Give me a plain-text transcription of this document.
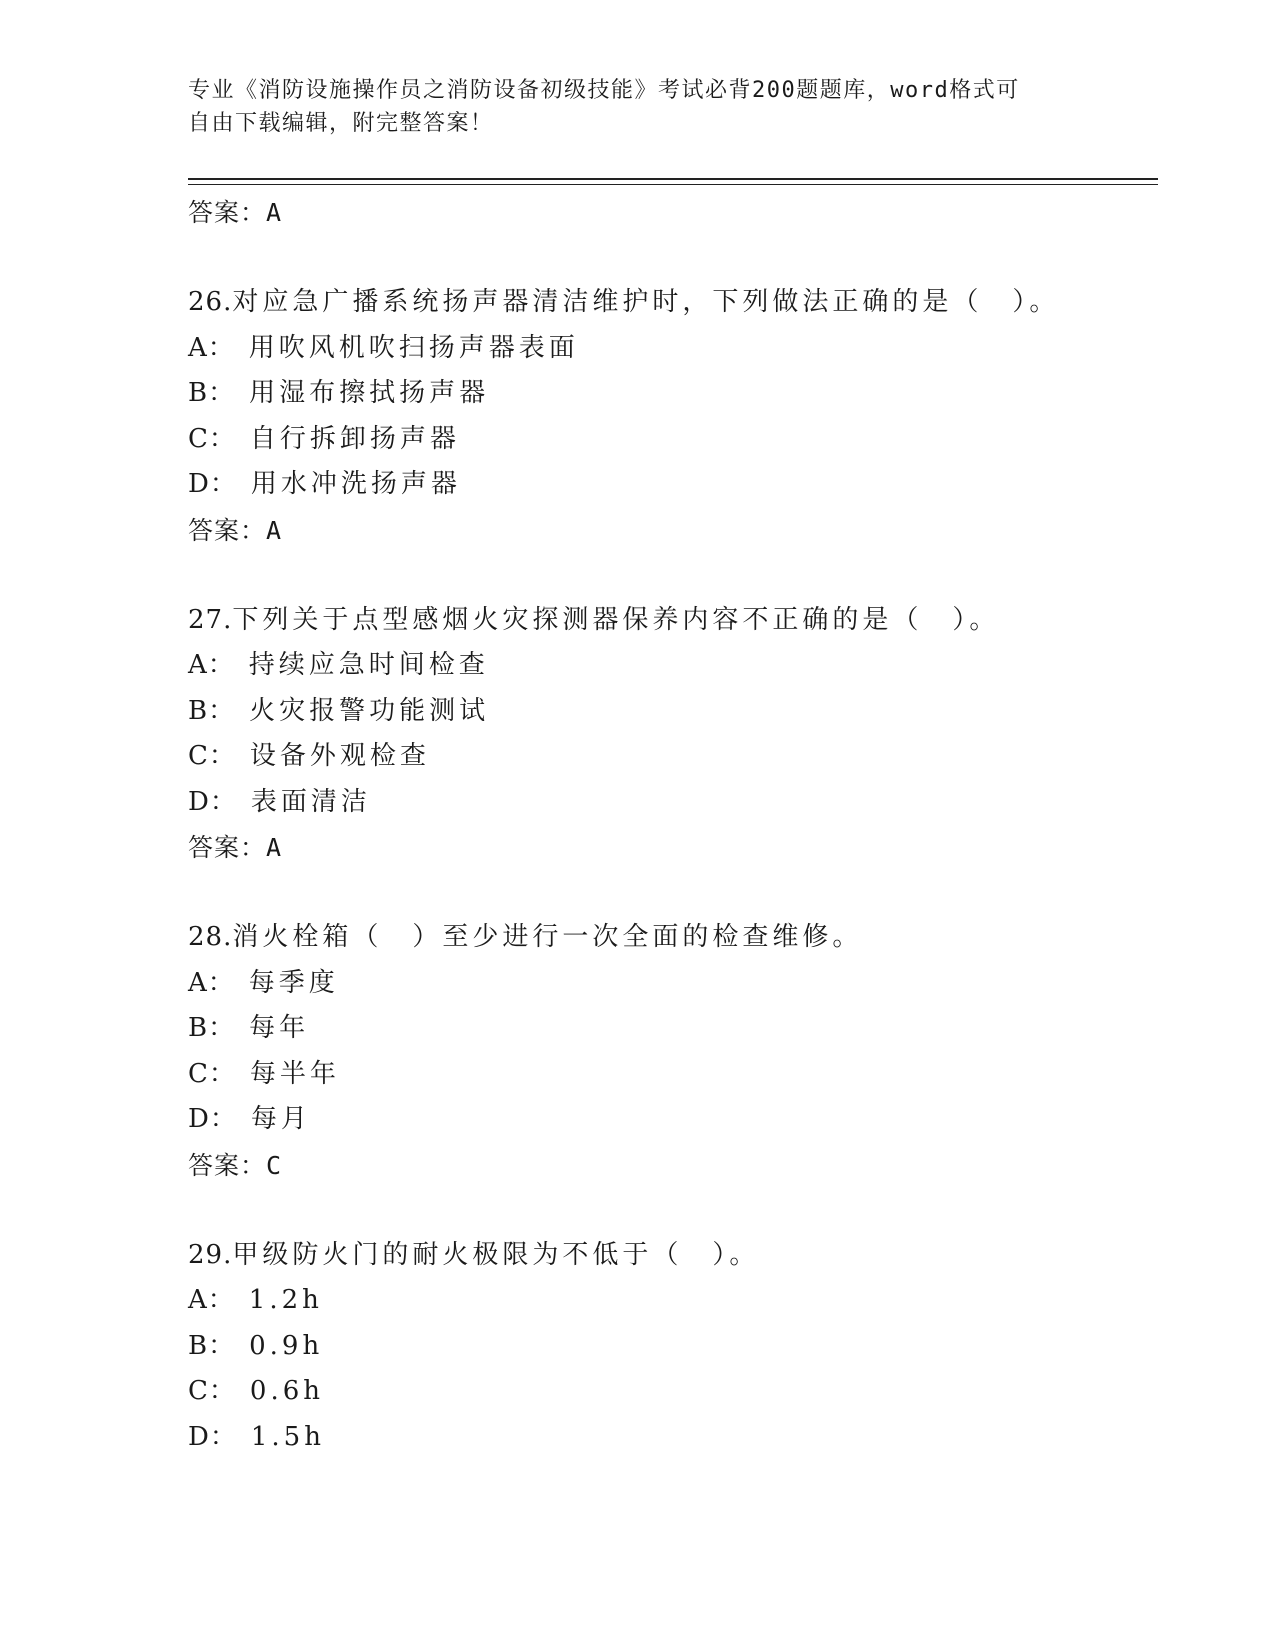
专业《消防设施操作员之消防设备初级技能》考试必背200题题库，word格式可
自由下载编辑，附完整答案！
答案：A
26.对应急广播系统扬声器清洁维护时，下列做法正确的是（　）。
A： 用吹风机吹扫扬声器表面
B： 用湿布擦拭扬声器
C： 自行拆卸扬声器
D： 用水冲洗扬声器
答案：A
27.下列关于点型感烟火灾探测器保养内容不正确的是（　）。
A： 持续应急时间检查
B： 火灾报警功能测试
C： 设备外观检查
D： 表面清洁
答案：A
28.消火栓箱（　）至少进行一次全面的检查维修。
A： 每季度
B： 每年
C： 每半年
D： 每月
答案：C
29.甲级防火门的耐火极限为不低于（　）。
A： 1.2h
B： 0.9h
C： 0.6h
D： 1.5h
